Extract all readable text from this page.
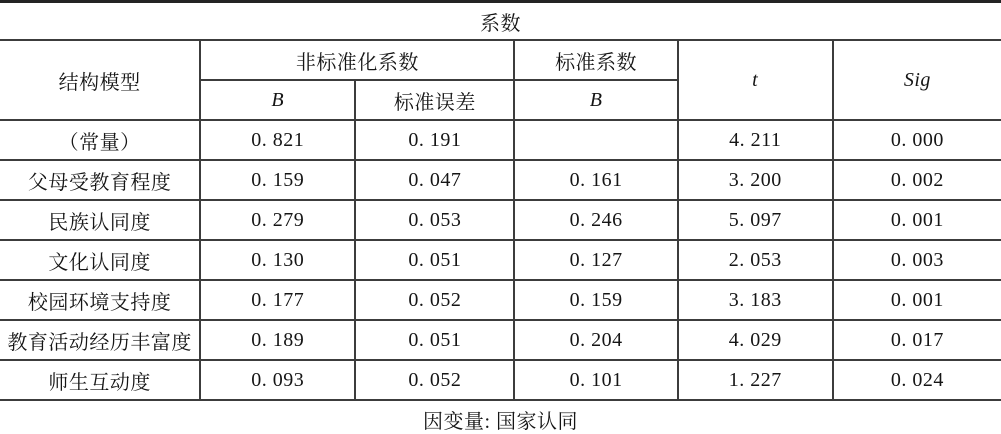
系数					
结构模型	非标准化系数		标准系数	t	Sig
	B	标准误差	B		
（常量）	0. 821	0. 191		4. 211	0. 000
父母受教育程度	0. 159	0. 047	0. 161	3. 200	0. 002
民族认同度	0. 279	0. 053	0. 246	5. 097	0. 001
文化认同度	0. 130	0. 051	0. 127	2. 053	0. 003
校园环境支持度	0. 177	0. 052	0. 159	3. 183	0. 001
教育活动经历丰富度	0. 189	0. 051	0. 204	4. 029	0. 017
师生互动度	0. 093	0. 052	0. 101	1. 227	0. 024
因变量: 国家认同					
